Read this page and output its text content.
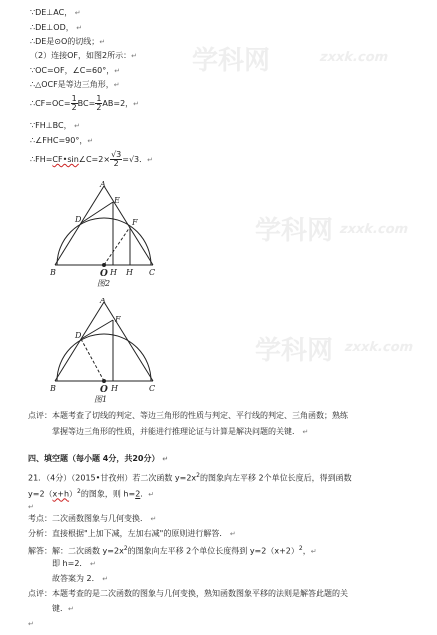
学科网	zxxk.com
学科网 zxxk.com
学科网 zxxk.com
∵DE⊥AC， ↵
∴DE⊥OD， ↵
∴DE是⊙O的切线；↵
（2）连接OF，如图2所示：↵
∵OC=OF，∠C=60°，↵
∴△OCF是等边三角形，↵
∴CF=OC= $\frac{1}{2} BC= \frac{1}{2} AB=2$，↵
∵FH⊥BC， ↵
∴∠FHC=90°，↵
∴FH=CF•sin∠C=2× $\frac{√3}{2} =√3$．↵
A
D
E
F
B	O H H C
图2
A
D
F
B	O H	C
图1
点评：本题考查了切线的判定、等边三角形的性质与判定、平行线的判定、三角函数；熟练
掌握等边三角形的性质，并能进行推理论证与计算是解决问题的关键． ↵
四、填空题（每小题 4分，共20分） ↵
21．（4分）（2015•甘孜州）若二次函数 $y=2x^2$的图象向左平移 2个单位长度后，得到函数
$y=2(x+h)^2$的图象，则 h=2．↵
↵
考点：二次函数图象与几何变换． ↵
分析：直接根据"上加下减，左加右减"的原则进行解答． ↵
解答：解：二次函数 $y=2x^2$的图象向左平移 2个单位长度得到 $y=2(x+2)^2$，↵
即 h=2． ↵
故答案为 2． ↵
点评：本题考查的是二次函数的图象与几何变换，熟知函数图象平移的法则是解答此题的关
键．↵
↵
